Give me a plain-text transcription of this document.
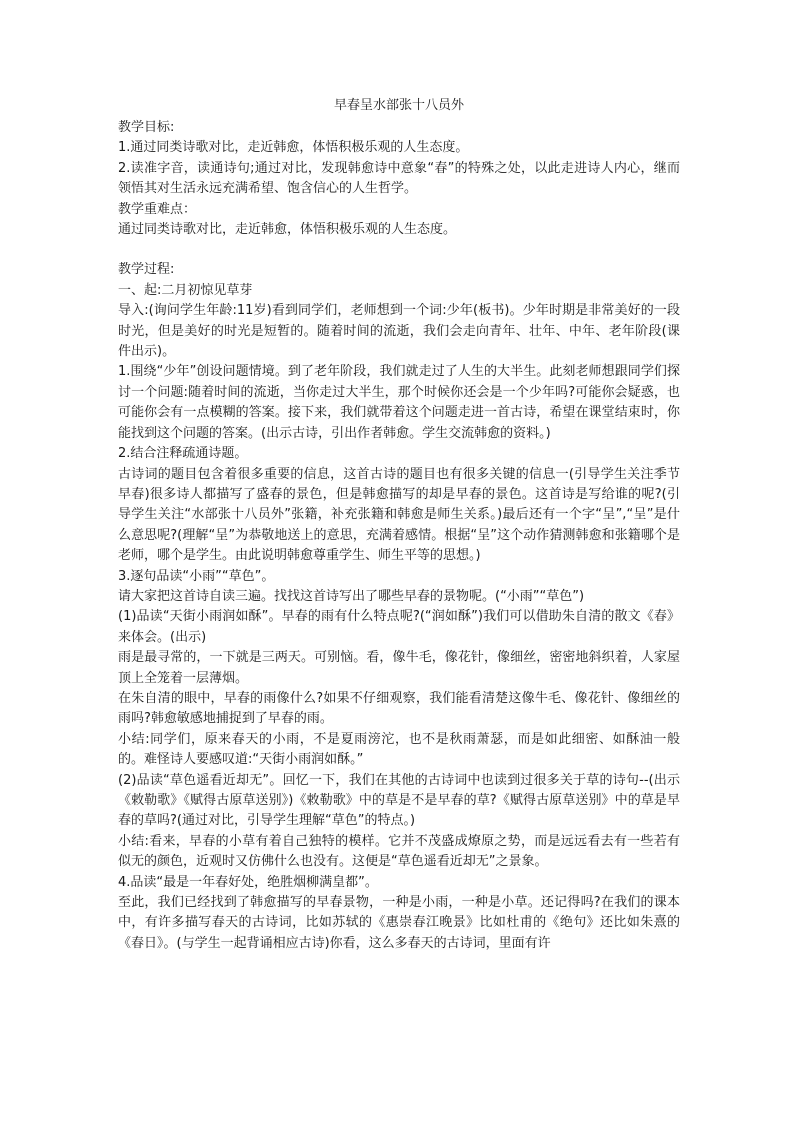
早春呈水部张十八员外

教学目标:

1.通过同类诗歌对比，走近韩愈，体悟积极乐观的人生态度。

2.读准字音，读通诗句;通过对比，发现韩愈诗中意象“春”的特殊之处，以此走进诗人内心，继而领悟其对生活永远充满希望、饱含信心的人生哲学。

教学重难点：

通过同类诗歌对比，走近韩愈，体悟积极乐观的人生态度。

教学过程:

一、起:二月初惊见草芽

导入:(询问学生年龄:11岁)看到同学们，老师想到一个词:少年(板书)。少年时期是非常美好的一段时光，但是美好的时光是短暂的。随着时间的流逝，我们会走向青年、壮年、中年、老年阶段(课件出示)。

1.围绕“少年”创设问题情境。到了老年阶段，我们就走过了人生的大半生。此刻老师想跟同学们探讨一个问题:随着时间的流逝，当你走过大半生，那个时候你还会是一个少年吗?可能你会疑惑，也可能你会有一点模糊的答案。接下来，我们就带着这个问题走进一首古诗，希望在课堂结束时，你能找到这个问题的答案。(出示古诗，引出作者韩愈。学生交流韩愈的资料。)

2.结合注释疏通诗题。

古诗词的题目包含着很多重要的信息，这首古诗的题目也有很多关键的信息一(引导学生关注季节早春)很多诗人都描写了盛春的景色，但是韩愈描写的却是早春的景色。这首诗是写给谁的呢?(引导学生关注“水部张十八员外”张籍，补充张籍和韩愈是师生关系。)最后还有一个字“呈”,“呈”是什么意思呢?(理解“呈”为恭敬地送上的意思，充满着感情。根据“呈”这个动作猜测韩愈和张籍哪个是老师，哪个是学生。由此说明韩愈尊重学生、师生平等的思想。)

3.逐句品读“小雨”“草色”。

请大家把这首诗自读三遍。找找这首诗写出了哪些早春的景物呢。(“小雨”“草色”)

(1)品读“天街小雨润如酥”。早春的雨有什么特点呢?(“润如酥”)我们可以借助朱自清的散文《春》来体会。(出示)

雨是最寻常的，一下就是三两天。可别恼。看，像牛毛，像花针，像细丝，密密地斜织着，人家屋顶上全笼着一层薄烟。

在朱自清的眼中，早春的雨像什么?如果不仔细观察，我们能看清楚这像牛毛、像花针、像细丝的雨吗?韩愈敏感地捕捉到了早春的雨。

小结:同学们，原来春天的小雨，不是夏雨滂沱，也不是秋雨萧瑟，而是如此细密、如酥油一般的。难怪诗人要感叹道:“天街小雨润如酥。”

(2)品读“草色遥看近却无”。回忆一下，我们在其他的古诗词中也读到过很多关于草的诗句--(出示《敕勒歌》《赋得古原草送别》)《敕勒歌》中的草是不是早春的草?《赋得古原草送别》中的草是早春的草吗?(通过对比，引导学生理解“草色”的特点。)

小结:看来，早春的小草有着自己独特的模样。它并不茂盛成燎原之势，而是远远看去有一些若有似无的颜色，近观时又仿佛什么也没有。这便是“草色遥看近却无”之景象。

4.品读“最是一年春好处，绝胜烟柳满皇都”。

至此，我们已经找到了韩愈描写的早春景物，一种是小雨，一种是小草。还记得吗?在我们的课本中，有许多描写春天的古诗词，比如苏轼的《惠崇春江晚景》比如杜甫的《绝句》还比如朱熹的《春日》。(与学生一起背诵相应古诗)你看，这么多春天的古诗词，里面有许
